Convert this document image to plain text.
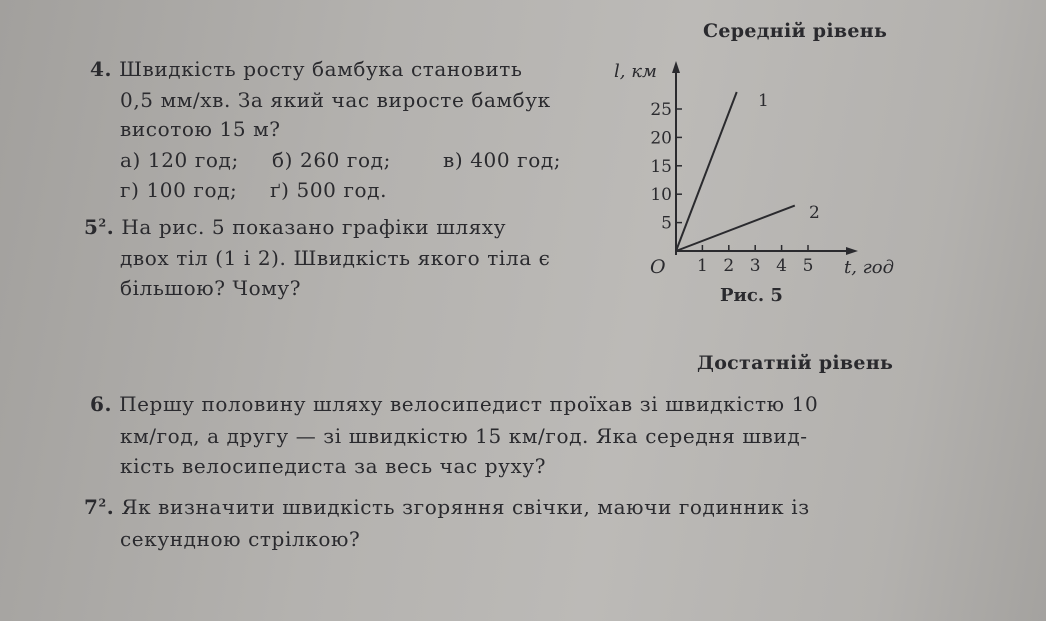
Середній рівень
4. Швидкість росту бамбука становить
0,5 мм/хв. За який час виросте бамбук
висотою 15 м?
а) 120 год; б) 260 год;	в) 400 год;
г) 100 год; ґ) 500 год.
$5^2$. На рис. 5 показано графіки шляху
двох тіл (1 і 2). Швидкість якого тіла є
більшою? Чому?
5
10
15
20
25
1 2 3 4 5
l, км
t, год
O
1
2
Рис. 5
Достатній рівень
6. Першу половину шляху велосипедист проїхав зі швидкістю 10
км/год, а другу — зі швидкістю 15 км/год. Яка середня швид-
кість велосипедиста за весь час руху?
$7^2$. Як визначити швидкість згоряння свічки, маючи годинник із
секундною стрілкою?
